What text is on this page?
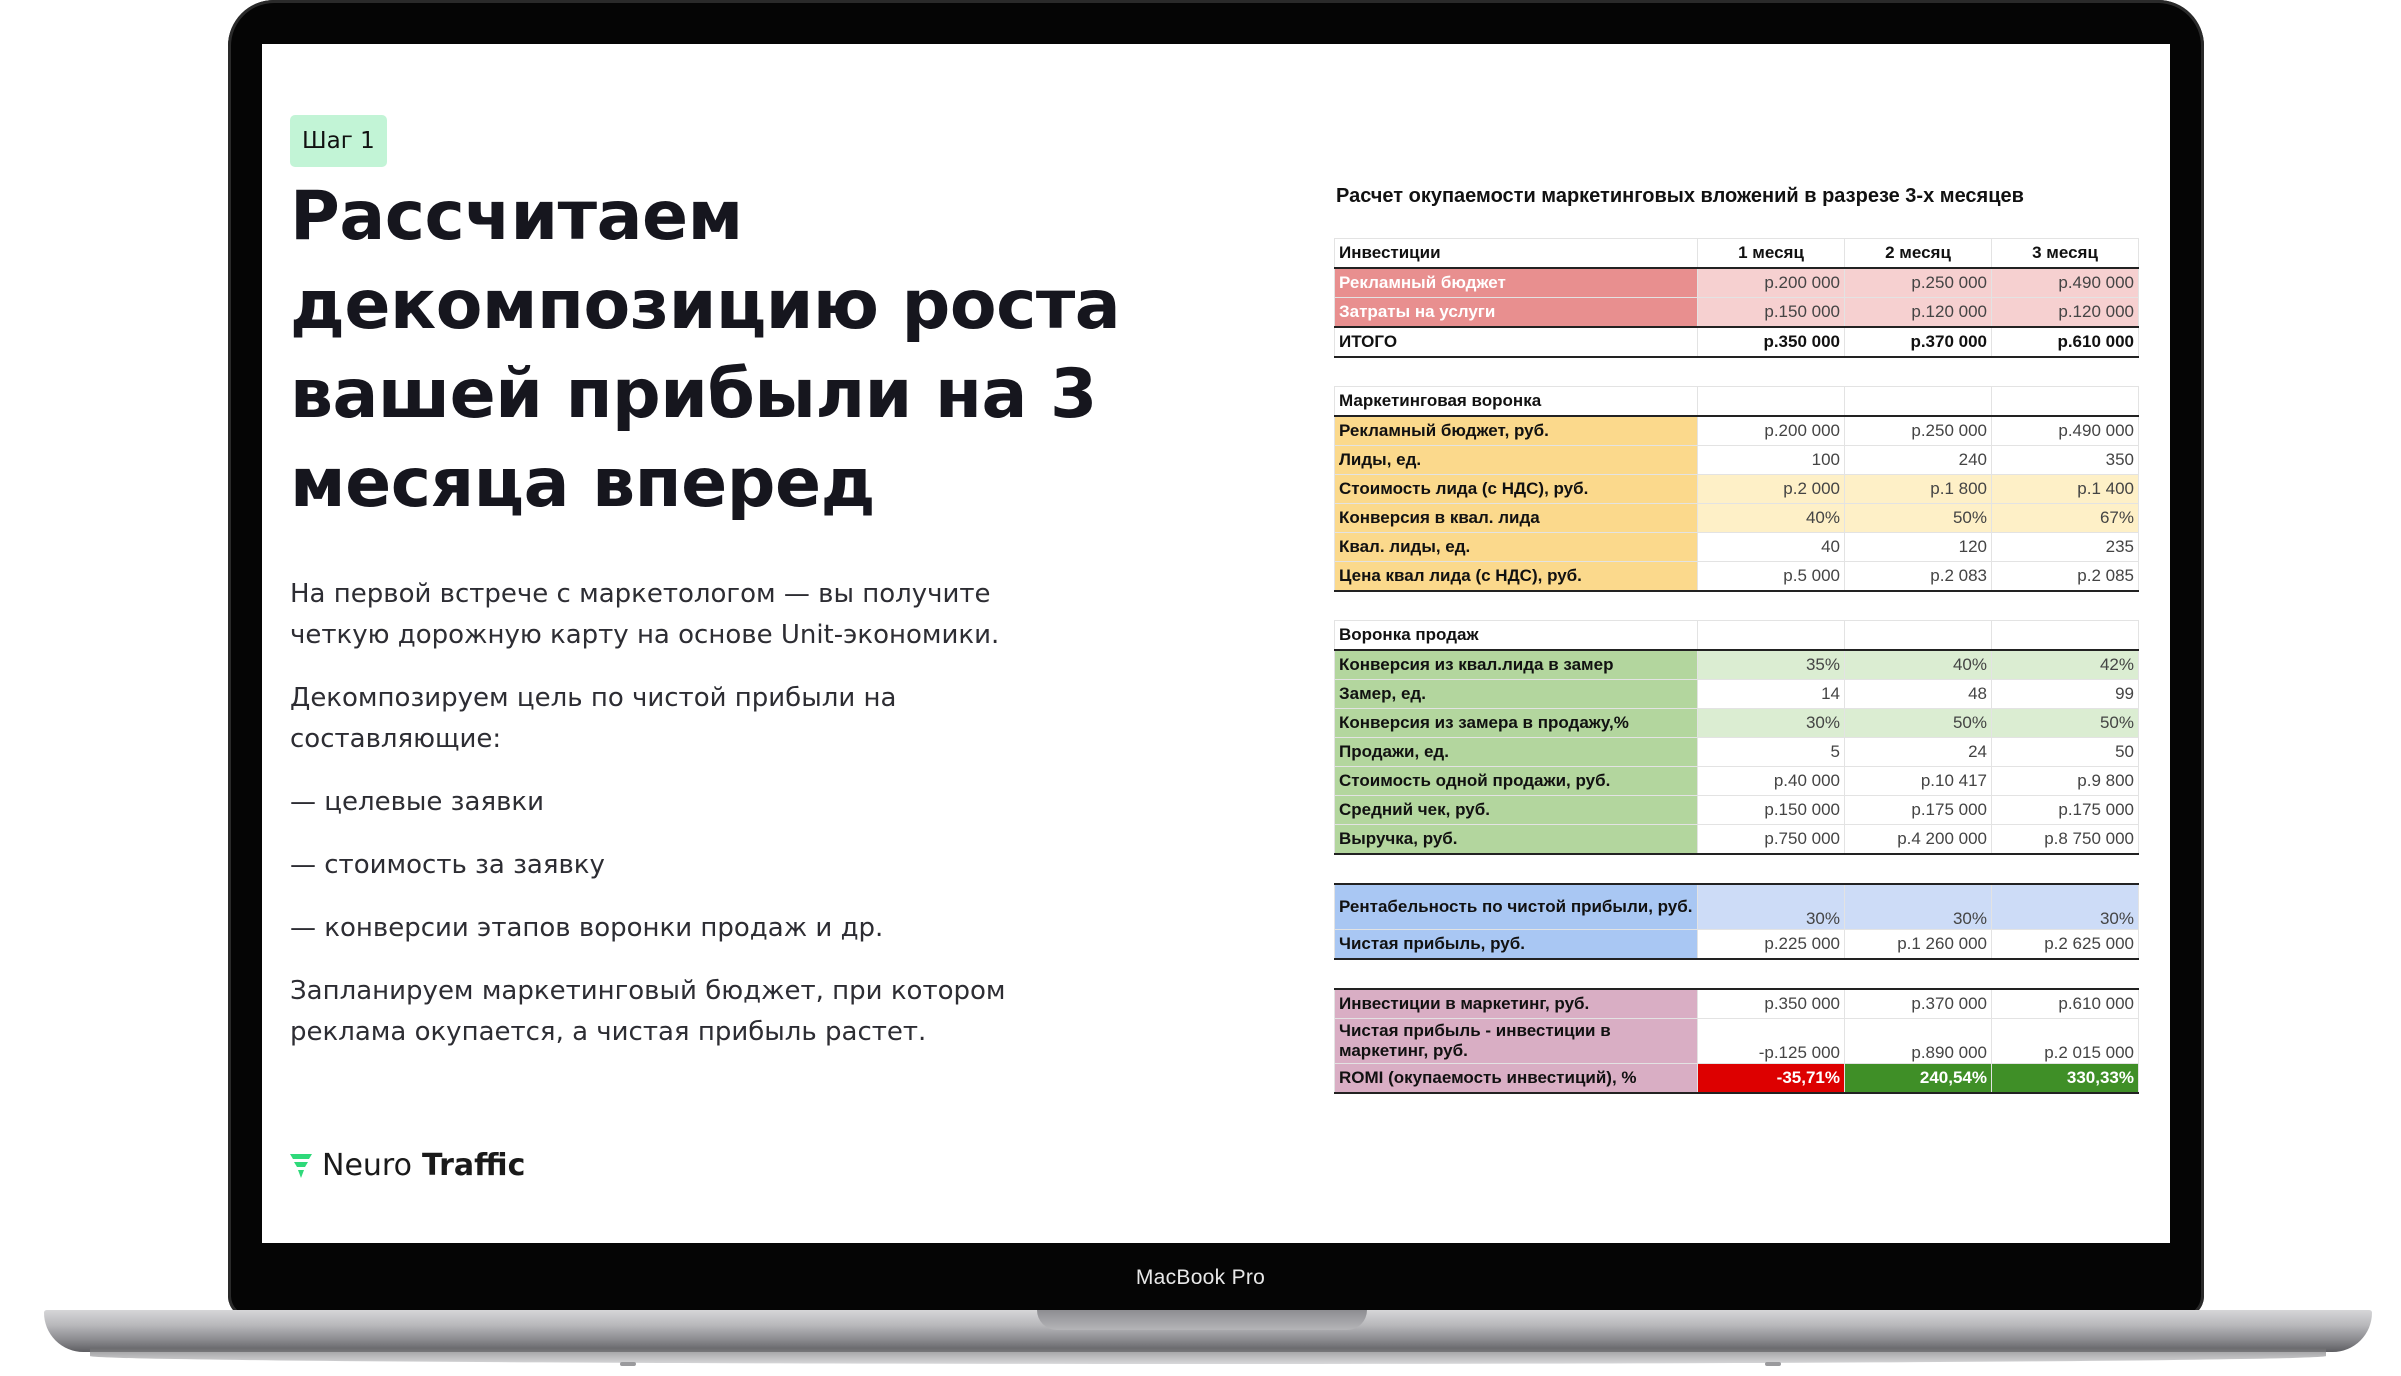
Шаг 1
Рассчитаем декомпозицию роста вашей прибыли на 3 месяца вперед

На первой встрече с маркетологом — вы получите четкую дорожную карту на основе Unit-экономики.

Декомпозируем цель по чистой прибыли на составляющие:

— целевые заявки

— стоимость за заявку

— конверсии этапов воронки продаж и др.

Запланируем маркетинговый бюджет, при котором реклама окупается, а чистая прибыль растет.

Neuro Traffic
Расчет окупаемости маркетинговых вложений в разрезе 3-х месяцев
Инвестиции	1 месяц	2 месяц	3 месяц
Рекламный бюджет	р.200 000	р.250 000	р.490 000
Затраты на услуги	р.150 000	р.120 000	р.120 000
ИТОГО	р.350 000	р.370 000	р.610 000

Маркетинговая воронка			
Рекламный бюджет, руб.	р.200 000	р.250 000	р.490 000
Лиды, ед.	100	240	350
Стоимость лида (с НДС), руб.	р.2 000	р.1 800	р.1 400
Конверсия в квал. лида	40%	50%	67%
Квал. лиды, ед.	40	120	235
Цена квал лида (с НДС), руб.	р.5 000	р.2 083	р.2 085

Воронка продаж			
Конверсия из квал.лида в замер	35%	40%	42%
Замер, ед.	14	48	99
Конверсия из замера в продажу,%	30%	50%	50%
Продажи, ед.	5	24	50
Стоимость одной продажи, руб.	р.40 000	р.10 417	р.9 800
Средний чек, руб.	р.150 000	р.175 000	р.175 000
Выручка, руб.	р.750 000	р.4 200 000	р.8 750 000

Рентабельность по чистой прибыли, руб.	30%	30%	30%
Чистая прибыль, руб.	р.225 000	р.1 260 000	р.2 625 000

Инвестиции в маркетинг, руб.	р.350 000	р.370 000	р.610 000
Чистая прибыль - инвестиции в маркетинг, руб.	-р.125 000	р.890 000	р.2 015 000
ROMI (окупаемость инвестиций), %	-35,71%	240,54%	330,33%
MacBook Pro
